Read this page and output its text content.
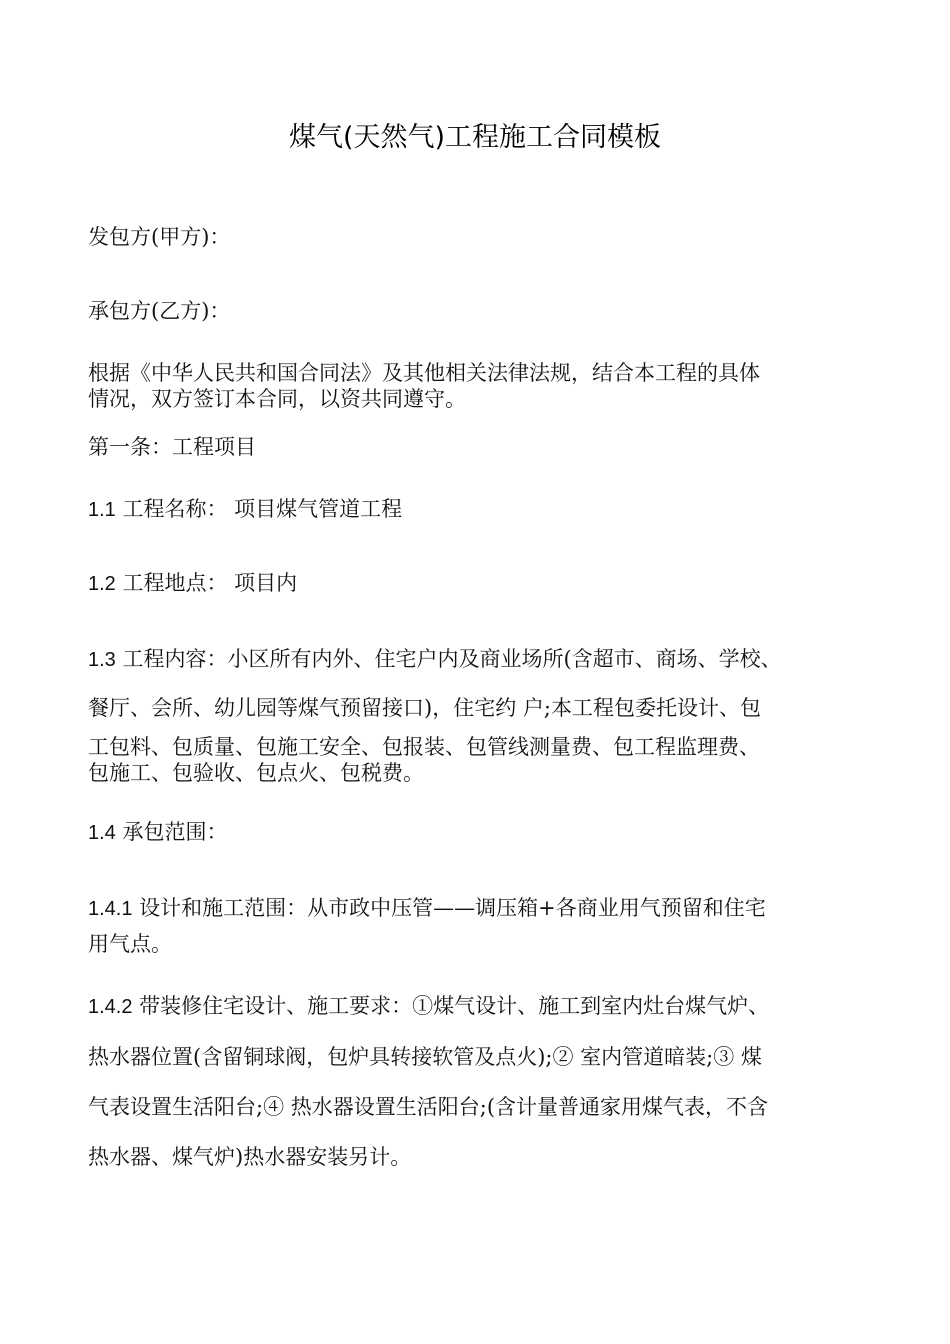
煤气(天然气)工程施工合同模板
发包方(甲方)：
承包方(乙方)：
根据《中华人民共和国合同法》及其他相关法律法规，结合本工程的具体
情况，双方签订本合同，以资共同遵守。
第一条：工程项目
1.1 工程名称： 项目煤气管道工程
1.2 工程地点： 项目内
1.3 工程内容：小区所有内外、住宅户内及商业场所(含超市、商场、学校、
餐厅、会所、幼儿园等煤气预留接口)，住宅约 户;本工程包委托设计、包
工包料、包质量、包施工安全、包报装、包管线测量费、包工程监理费、
包施工、包验收、包点火、包税费。
1.4 承包范围：
1.4.1 设计和施工范围：从市政中压管——调压箱+各商业用气预留和住宅
用气点。
1.4.2 带装修住宅设计、施工要求：①煤气设计、施工到室内灶台煤气炉、
热水器位置(含留铜球阀，包炉具转接软管及点火);② 室内管道暗装;③ 煤
气表设置生活阳台;④ 热水器设置生活阳台;(含计量普通家用煤气表，不含
热水器、煤气炉)热水器安装另计。
